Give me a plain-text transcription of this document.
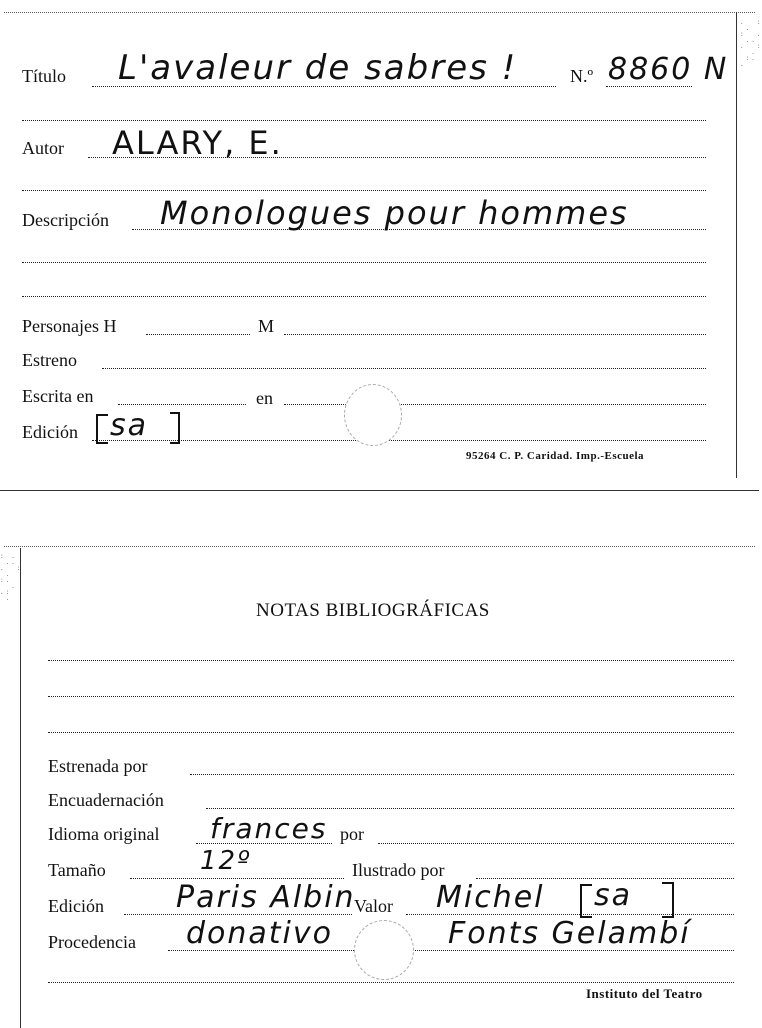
.  :
.
:  .
..
.  :
.
:.
.
Título L'avaleur de sabres !	N.º 8860 N
Autor ALARY, E.
Descripción Monologues pour hommes
Personajes H	M
Estreno
Escrita en	en
Edición sa
95264 C. P. Caridad. Imp.-Escuela
: .
..
.  :
.
:.
.
.:
.
NOTAS BIBLIOGRÁFICAS
Estrenada por
Encuadernación
Idioma original frances por
Tamaño	12º	Ilustrado por
Edición Paris Albin
Valor Michel sa
Procedencia donativo	Fonts Gelambí
Instituto del Teatro
